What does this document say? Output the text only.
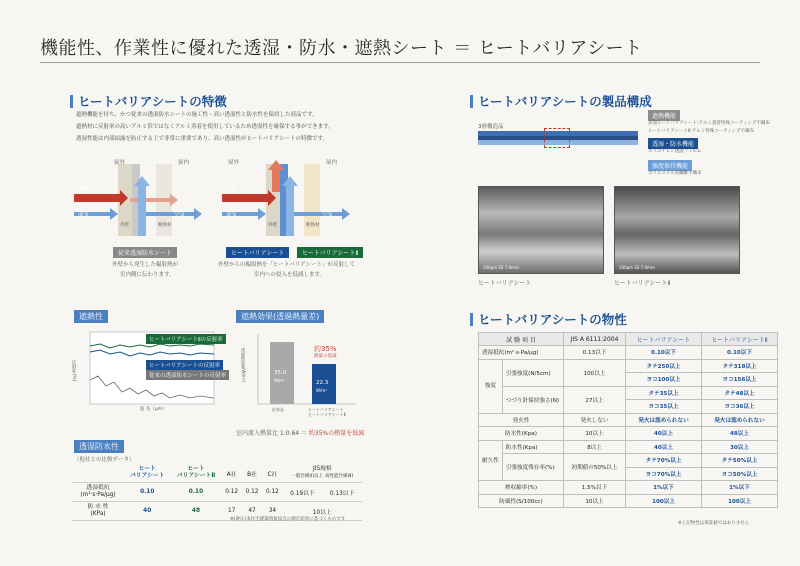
機能性、作業性に優れた透湿・防水・遮熱シート ＝ ヒートバリアシート
ヒートバリアシートの特徴
遮熱機能を持ち、かつ従来の透湿防水シートの施工性・高い透湿性と防水性を保持した商品です。
遮熱材に反射率の高いアルミ箔ではなくアルミ蒸着を使用しているため透湿性を確保する事ができます。
透湿性能は内部結露を防止する上で非常に重要であり、高い透湿性がヒートバリアシートの特徴です。
屋外	屋内
熱線
湿気	空気
外壁	断熱材
従来透湿防水シート
外壁から発生した輻射熱が
室内側に伝わります。
屋外	屋内
熱線
湿気	空気
外壁	断熱材
ヒートバリアシート	ヒートバリアシートⅡ
外壁からの輻射熱を「ヒートバリアシート」が反射して
室内への侵入を低減します。
遮熱性
ヒートバリアシートⅡの反射率
ヒートバリアシートの反射率
従来の透湿防水シートの反射率
反射率(%)
波 長（μm）
遮熱効果(透過熱量差)
透過熱流量(W/m²)	35.0
W/m²	22.3
W/m²
約35%
熱量の低減
従来品	ヒートバリアシート
ヒートバリアシートⅡ
室内流入熱量比 1:0.64 ＝ 約35%の熱量を低減
透湿防水性
（他社との比較データ）
	ヒート
バリアシート	ヒート
バリアシートⅡ	A社	B社	C社	JIS規格
一般仕様(Ⅰ)以上 高性能仕様(Ⅱ)	
透湿抵抗
(m²·s·Pa/μg)	0.10	0.10	0.12	0.12	0.12	0.19以下	0.13以下
防 水 性
(KPa)	40	48	17	47	34	10以上	
※(財)日本住宅建築情報協会の測定結果に基づくものです
ヒートバリアシートの製品構成
3層構造品
遮熱機能
表面ヒートバリアシート:アルミ蒸着特殊コーティング不織布
ヒートバリアシートⅡ:アルミ特殊コーティング不織布
透湿・防水機能
ポリエチレン透湿フィルム
強度保持機能
ポリエステル長繊維不織布
100μm SS 7.0mm	100μm SS 7.0mm
ヒートバリアシート	ヒートバリアシートⅡ
ヒートバリアシートの物性
試 験 項 目		JIS A 6111:2004	ヒートバリアシート	ヒートバリアシートⅡ
透湿抵抗(m²·s·Pa/μg)		0.13以下	0.10以下	0.10以下
強度	引張強度(N/5cm)	100以上	タテ250以上	タテ318以上
			ヨコ100以上	ヨコ156以上
	つづり針保持強さ(N)	27以上	タテ35以上	タテ48以上
			ヨコ35以上	ヨコ36以上
発火性		発火しない	発火は認められない	発火は認められない
防水性(Kpa)		10以上	40以上	48以上
耐久性	防水性(Kpa)	8以上	40以上	30以上
	引張強度残存率(%)	初期値の50%以上	タテ70%以上	タテ50%以上
			ヨコ70%以上	ヨコ50%以上
熱収縮率(%)		1.5%以下	1%以下	1%以下
防風性(S/100cc)		10以上	100以上	100以上
※上記物性は保証値ではありません
